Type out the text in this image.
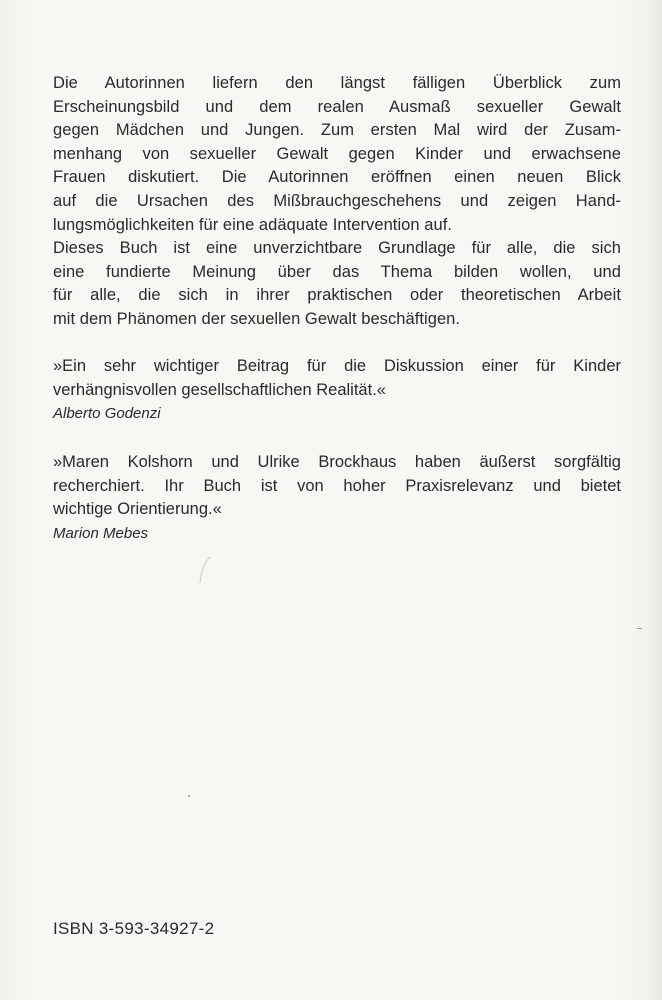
Die Autorinnen liefern den längst fälligen Überblick zum
Erscheinungsbild und dem realen Ausmaß sexueller Gewalt
gegen Mädchen und Jungen. Zum ersten Mal wird der Zusam-
menhang von sexueller Gewalt gegen Kinder und erwachsene
Frauen diskutiert. Die Autorinnen eröffnen einen neuen Blick
auf die Ursachen des Mißbrauchgeschehens und zeigen Hand-
lungsmöglichkeiten für eine adäquate Intervention auf.
Dieses Buch ist eine unverzichtbare Grundlage für alle, die sich
eine fundierte Meinung über das Thema bilden wollen, und
für alle, die sich in ihrer praktischen oder theoretischen Arbeit
mit dem Phänomen der sexuellen Gewalt beschäftigen.
»Ein sehr wichtiger Beitrag für die Diskussion einer für Kinder
verhängnisvollen gesellschaftlichen Realität.«
Alberto Godenzi
»Maren Kolshorn und Ulrike Brockhaus haben äußerst sorgfältig
recherchiert. Ihr Buch ist von hoher Praxisrelevanz und bietet
wichtige Orientierung.«
Marion Mebes
ISBN 3-593-34927-2
